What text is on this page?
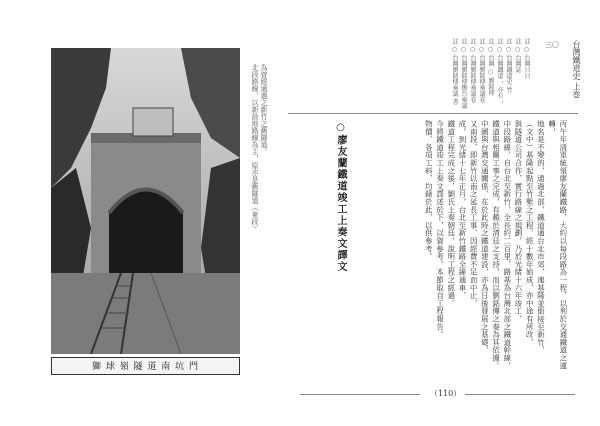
獅 球 嶺 隧 道 南 坑 門
為曾經通過之新竹之舊隧道。
北段路線，以新設地路線為主，原亦是舊隧道（東段）	台灣鐵道史 上巻
三〇

註 ○ 台灣日日
註 ○ 台灣誌
註 ○ 台灣鐵道史 竹
註 ○ 台灣鐵道 ，亦有 ，
註 ○ 台灣 ○ 劉銘傳
註 ○ 台灣劉銘傳奏議卷
註 ○ 台灣劉銘傳奏議卷
註 ○ 台灣劉銘傳撫台奏議
註 ○ 台灣劉銘傳奏議 書

丙午年清軍統領廖友蘭鐵路，大約以每段路為一程，以利於交通鐵道之運轉，
地名是不變的，通過北部，鐵道通台北市郊，連基隆並銜接至新竹，
（文中）基隆起點至竹塹之工程，經十數年始成，亦中途有所改，
與隧道公司合作，實行路線之規劃，乃於光緒十六年竣工，
中段路線，自台北至新竹，全長約二百里，路基為台灣北部之鐵道幹線，
鐵道與相關工事之完成，有賴於清廷之支持，而以劉銘傳之奏為其依據。
中國與台灣交通關係，在於此時之鐵道建設，亦為日後發展之基礎，
又南段，即新竹以南之延長工事，因經費不足而中止，
成，到光緒十七年正月，台北至新竹鐵路全線通車，
鐵道工程完成之後，劉氏上奏朝廷，說明工程之經過。
今將鐵道竣工上奏文譯述於下，以資參考。本節取自工程報告。
物價、各項工料，均錄於此，以供參考。

○廖友蘭鐵道竣工上奏文譯文
（110）
